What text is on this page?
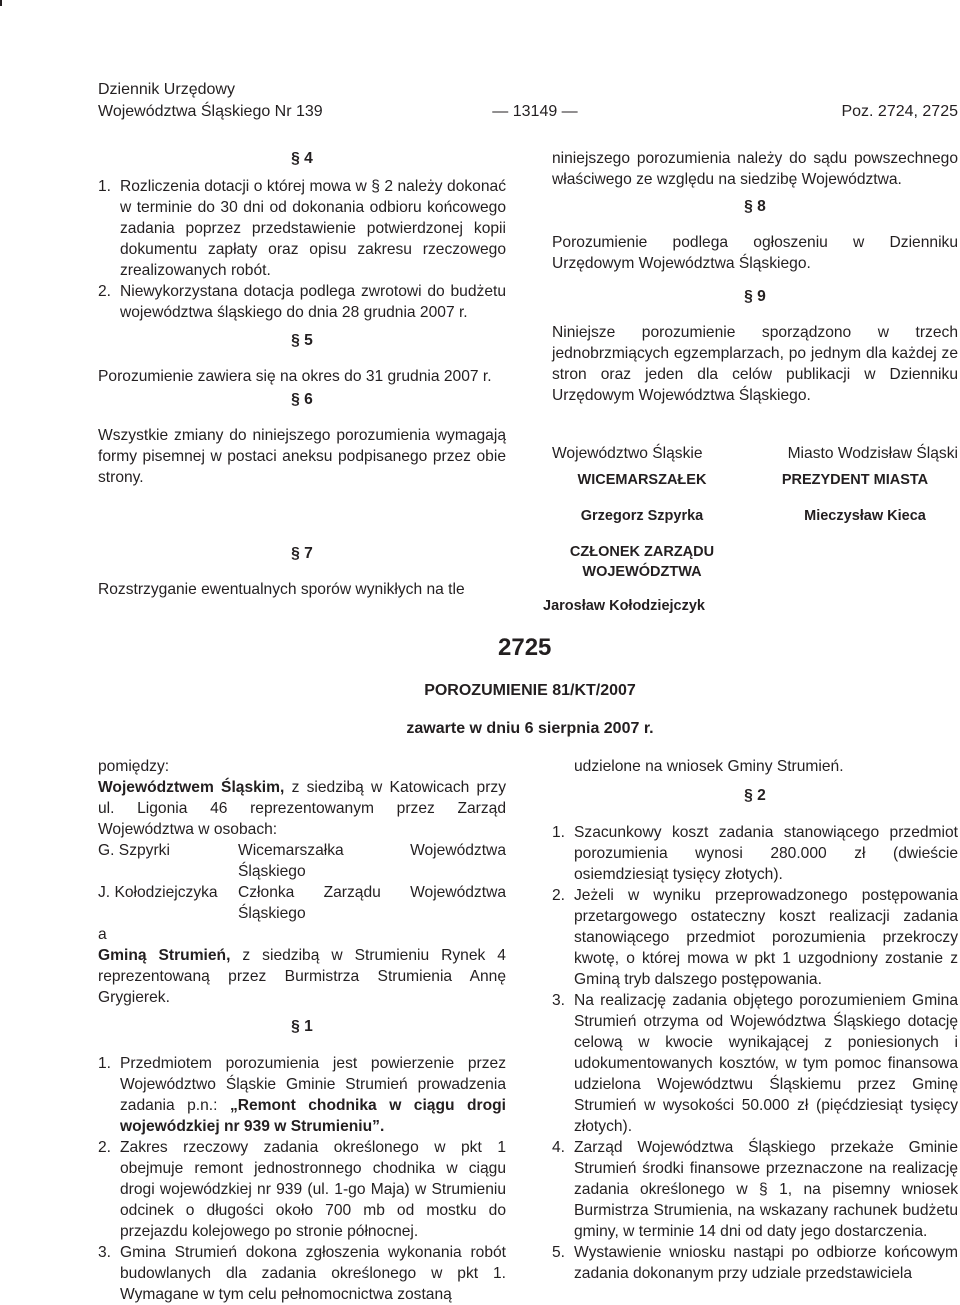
Dziennik Urzędowy
Województwa Śląskiego Nr 139	— 13149 —	Poz. 2724, 2725

§ 4

1. Rozliczenia dotacji o której mowa w § 2 należy dokonać w terminie do 30 dni od dokonania odbioru końcowego zadania poprzez przedstawienie potwierdzonej kopii dokumentu zapłaty oraz opisu zakresu rzeczowego zrealizowanych robót.
2. Niewykorzystana dotacja podlega zwrotowi do budżetu województwa śląskiego do dnia 28 grudnia 2007 r.

§ 5

Porozumienie zawiera się na okres do 31 grudnia 2007 r.

§ 6

Wszystkie zmiany do niniejszego porozumienia wymagają formy pisemnej w postaci aneksu podpisanego przez obie strony.

§ 7

Rozstrzyganie ewentualnych sporów wynikłych na tle

niniejszego porozumienia należy do sądu powszechnego właściwego ze względu na siedzibę Województwa.

§ 8

Porozumienie podlega ogłoszeniu w Dzienniku Urzędowym Województwa Śląskiego.

§ 9

Niniejsze porozumienie sporządzono w trzech jednobrzmiących egzemplarzach, po jednym dla każdej ze stron oraz jeden dla celów publikacji w Dzienniku Urzędowym Województwa Śląskiego.

Województwo Śląskie	Miasto Wodzisław Śląski
WICEMARSZAŁEK	PREZYDENT MIASTA
Grzegorz Szpyrka	Mieczysław Kieca
CZŁONEK ZARZĄDU
WOJEWÓDZTWA
Jarosław Kołodziejczyk
2725
POROZUMIENIE 81/KT/2007
zawarte w dniu 6 sierpnia 2007 r.

pomiędzy:

Województwem Śląskim, z siedzibą w Katowicach przy ul. Ligonia 46 reprezentowanym przez Zarząd Województwa w osobach:

G. Szpyrki	Wicemarszałka Województwa Śląskiego
J. Kołodziejczyka	Członka Zarządu Województwa Śląskiego

a

Gminą Strumień, z siedzibą w Strumieniu Rynek 4 reprezentowaną przez Burmistrza Strumienia Annę Grygierek.

§ 1

1. Przedmiotem porozumienia jest powierzenie przez Województwo Śląskie Gminie Strumień prowadzenia zadania p.n.: „Remont chodnika w ciągu drogi wojewódzkiej nr 939 w Strumieniu”.
2. Zakres rzeczowy zadania określonego w pkt 1 obejmuje remont jednostronnego chodnika w ciągu drogi wojewódzkiej nr 939 (ul. 1-go Maja) w Strumieniu odcinek o długości około 700 mb od mostku do przejazdu kolejowego po stronie północnej.
3. Gmina Strumień dokona zgłoszenia wykonania robót budowlanych dla zadania określonego w pkt 1. Wymagane w tym celu pełnomocnictwa zostaną

udzielone na wniosek Gminy Strumień.

§ 2

1. Szacunkowy koszt zadania stanowiącego przedmiot porozumienia wynosi 280.000 zł (dwieście osiemdziesiąt tysięcy złotych).
2. Jeżeli w wyniku przeprowadzonego postępowania przetargowego ostateczny koszt realizacji zadania stanowiącego przedmiot porozumienia przekroczy kwotę, o której mowa w pkt 1 uzgodniony zostanie z Gminą tryb dalszego postępowania.
3. Na realizację zadania objętego porozumieniem Gmina Strumień otrzyma od Województwa Śląskiego dotację celową w kwocie wynikającej z poniesionych i udokumentowanych kosztów, w tym pomoc finansowa udzielona Województwu Śląskiemu przez Gminę Strumień w wysokości 50.000 zł (pięćdziesiąt tysięcy złotych).
4. Zarząd Województwa Śląskiego przekaże Gminie Strumień środki finansowe przeznaczone na realizację zadania określonego w § 1, na pisemny wniosek Burmistrza Strumienia, na wskazany rachunek budżetu gminy, w terminie 14 dni od daty jego dostarczenia.
5. Wystawienie wniosku nastąpi po odbiorze końcowym zadania dokonanym przy udziale przedstawiciela
